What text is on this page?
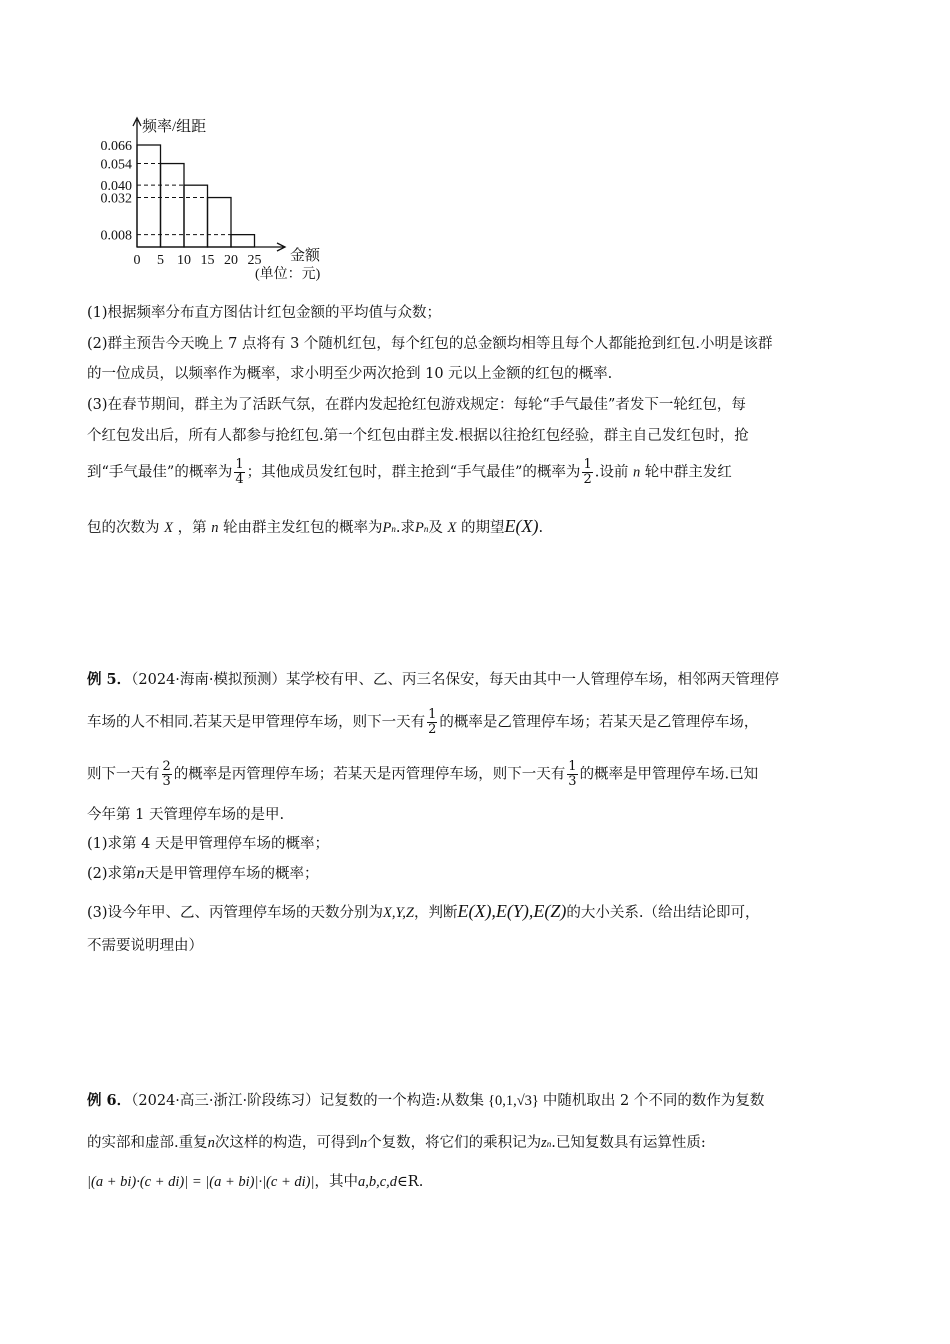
频率/组距
金额
(单位：元)
0.066
0.054
0.040
0.032
0.008
0 5 10 15 20 25
(1)根据频率分布直方图估计红包金额的平均值与众数；
(2)群主预告今天晚上 7 点将有 3 个随机红包，每个红包的总金额均相等且每个人都能抢到红包.小明是该群
的一位成员，以频率作为概率，求小明至少两次抢到 10 元以上金额的红包的概率.
(3)在春节期间，群主为了活跃气氛，在群内发起抢红包游戏规定：每轮“手气最佳”者发下一轮红包，每
个红包发出后，所有人都参与抢红包.第一个红包由群主发.根据以往抢红包经验，群主自己发红包时，抢
到“手气最佳”的概率为 $\frac{1}{4}$ ；其他成员发红包时，群主抢到“手气最佳”的概率为 $\frac{1}{2}$ .设前 n 轮中群主发红
包的次数为 X ，第 n 轮由群主发红包的概率为Pn.求Pn及 X 的期望E(X).
例 5．（2024·海南·模拟预测）某学校有甲、乙、丙三名保安，每天由其中一人管理停车场，相邻两天管理停
车场的人不相同.若某天是甲管理停车场，则下一天有 $\frac{1}{2}$ 的概率是乙管理停车场；若某天是乙管理停车场，
则下一天有 $\frac{2}{3}$ 的概率是丙管理停车场；若某天是丙管理停车场，则下一天有 $\frac{1}{3}$ 的概率是甲管理停车场.已知
今年第 1 天管理停车场的是甲.
(1)求第 4 天是甲管理停车场的概率；
(2)求第n天是甲管理停车场的概率；
(3)设今年甲、乙、丙管理停车场的天数分别为X,Y,Z，判断E(X),E(Y),E(Z)的大小关系.（给出结论即可，
不需要说明理由）
例 6．（2024·高三·浙江·阶段练习）记复数的一个构造:从数集 {0,1,√3} 中随机取出 2 个不同的数作为复数
的实部和虚部.重复n次这样的构造，可得到n个复数，将它们的乘积记为zn.已知复数具有运算性质:
|(a + bi)·(c + di)| = |(a + bi)|·|(c + di)|，其中a,b,c,d∈R.
